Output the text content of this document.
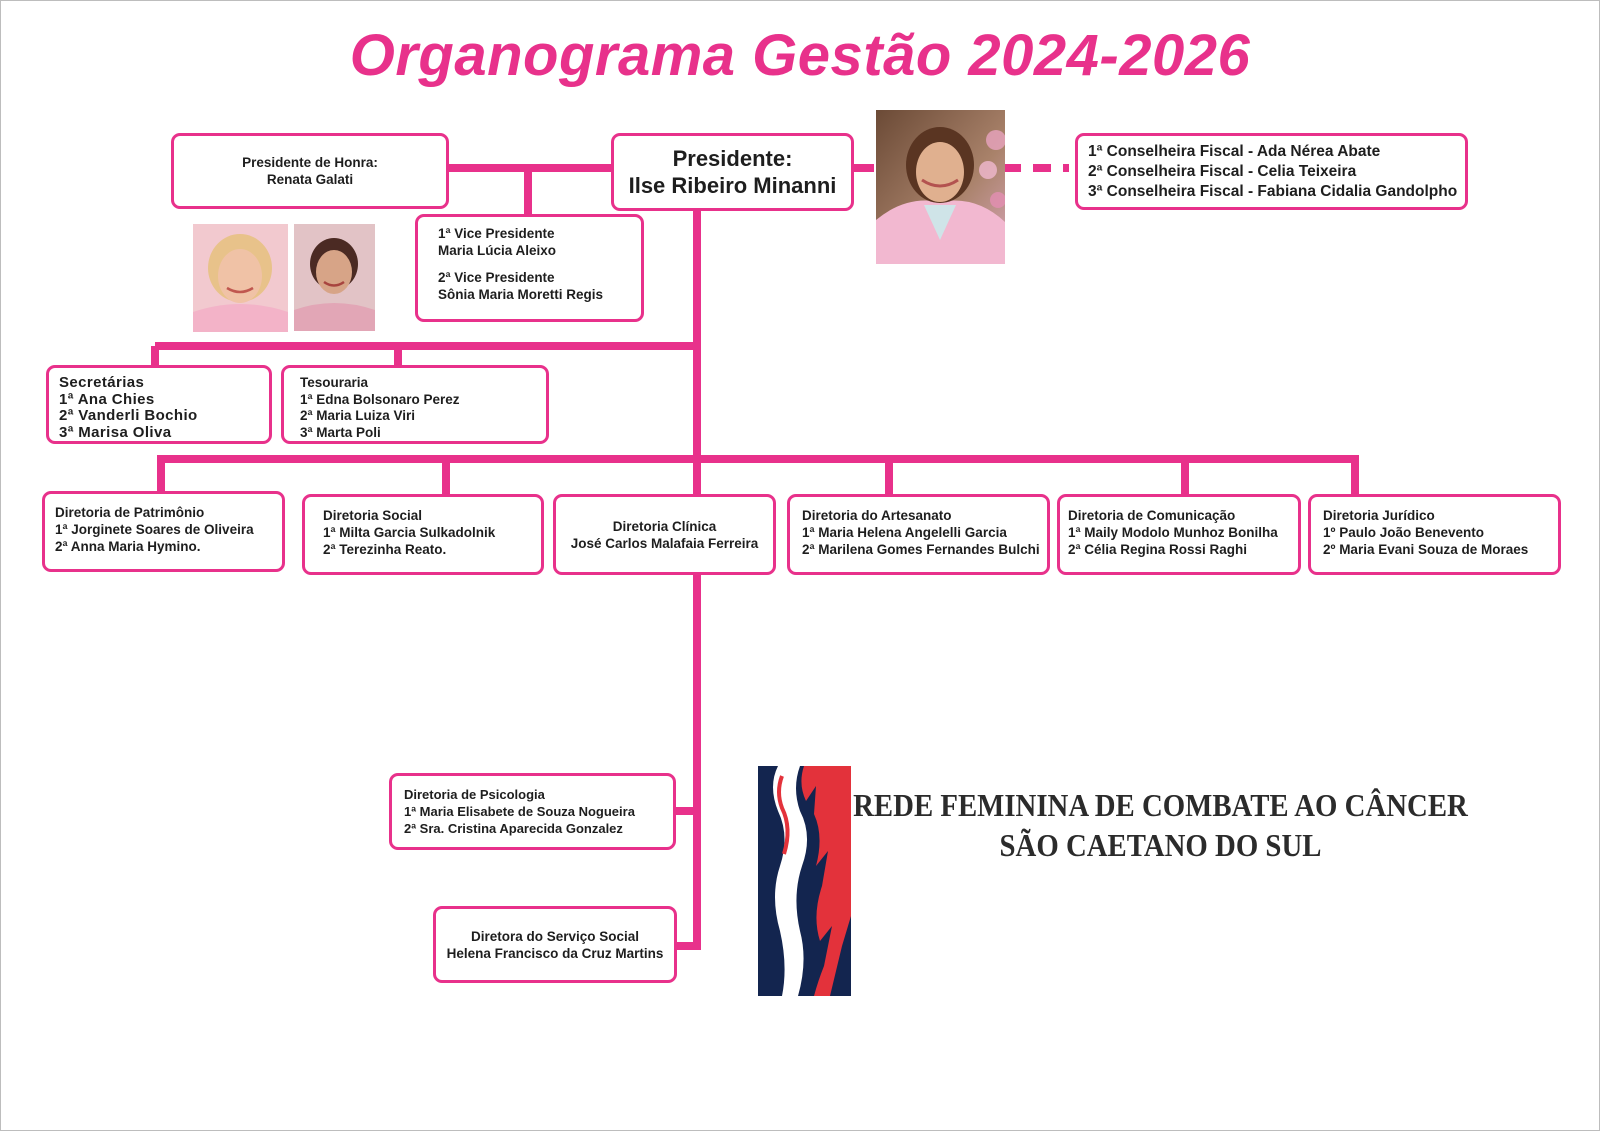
Organograma Gestão 2024-2026
Presidente de Honra:
Renata Galati
Presidente:
Ilse Ribeiro Minanni
1ª Conselheira Fiscal - Ada Nérea Abate
2ª Conselheira Fiscal - Celia Teixeira
3ª Conselheira Fiscal - Fabiana Cidalia Gandolpho
1ª Vice Presidente
Maria Lúcia Aleixo
2ª Vice Presidente
Sônia Maria Moretti Regis
Secretárias
1ª Ana Chies
2ª Vanderli Bochio
3ª Marisa Oliva
Tesouraria
1ª Edna Bolsonaro Perez
2ª Maria Luiza Viri
3ª Marta Poli
Diretoria de Patrimônio
1ª Jorginete Soares de Oliveira
2ª Anna Maria Hymino.
Diretoria Social
1ª Milta Garcia Sulkadolnik
2ª Terezinha Reato.
Diretoria Clínica
José Carlos Malafaia Ferreira
Diretoria do Artesanato
1ª Maria Helena Angelelli Garcia
2ª Marilena Gomes Fernandes Bulchi
Diretoria de Comunicação
1ª Maily Modolo Munhoz Bonilha
2ª Célia Regina Rossi Raghi
Diretoria Jurídico
1º Paulo João Benevento
2º Maria Evani Souza de Moraes
Diretoria de Psicologia
1ª Maria Elisabete de Souza Nogueira
2ª Sra. Cristina Aparecida Gonzalez
Diretora do Serviço Social
Helena Francisco da Cruz Martins
REDE FEMININA DE COMBATE AO CÂNCER
SÃO CAETANO DO SUL
